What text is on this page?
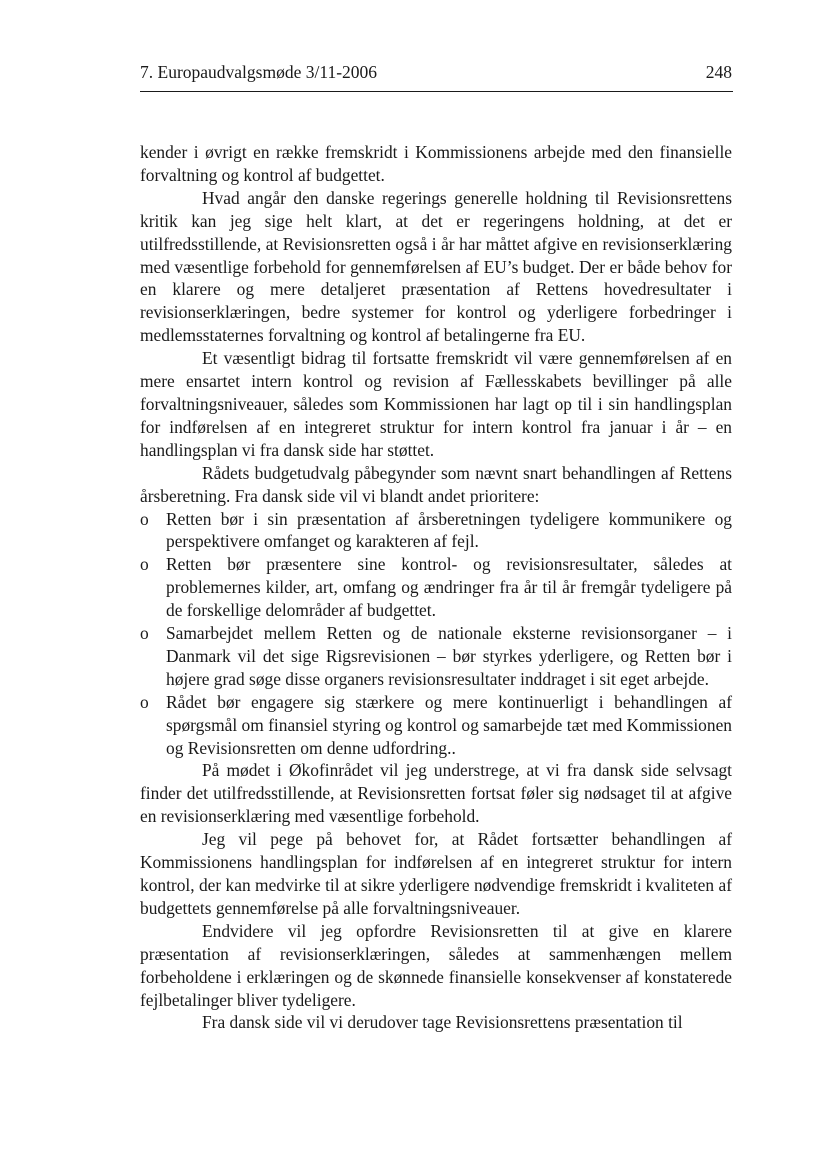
7. Europaudvalgsmøde 3/11-2006	248

kender i øvrigt en række fremskridt i Kommissionens arbejde med den finansielle forvaltning og kontrol af budgettet.

Hvad angår den danske regerings generelle holdning til Revisionsrettens kritik kan jeg sige helt klart, at det er regeringens holdning, at det er utilfredsstillende, at Revisionsretten også i år har måttet afgive en revisionserklæring med væsentlige forbehold for gennemførelsen af EU’s budget. Der er både behov for en klarere og mere detaljeret præsentation af Rettens hovedresultater i revisionserklæringen, bedre systemer for kontrol og yderligere forbedringer i medlemsstaternes forvaltning og kontrol af betalingerne fra EU.

Et væsentligt bidrag til fortsatte fremskridt vil være gennemførelsen af en mere ensartet intern kontrol og revision af Fællesskabets bevillinger på alle forvaltningsniveauer, således som Kommissionen har lagt op til i sin handlingsplan for indførelsen af en integreret struktur for intern kontrol fra januar i år – en handlingsplan vi fra dansk side har støttet.

Rådets budgetudvalg påbegynder som nævnt snart behandlingen af Rettens årsberetning. Fra dansk side vil vi blandt andet prioritere:

o Retten bør i sin præsentation af årsberetningen tydeligere kommunikere og perspektivere omfanget og karakteren af fejl.
o Retten bør præsentere sine kontrol- og revisionsresultater, således at problemernes kilder, art, omfang og ændringer fra år til år fremgår tydeligere på de forskellige delområder af budgettet.
o Samarbejdet mellem Retten og de nationale eksterne revisionsorganer – i Danmark vil det sige Rigsrevisionen – bør styrkes yderligere, og Retten bør i højere grad søge disse organers revisionsresultater inddraget i sit eget arbejde.
o Rådet bør engagere sig stærkere og mere kontinuerligt i behandlingen af spørgsmål om finansiel styring og kontrol og samarbejde tæt med Kommissionen og Revisionsretten om denne udfordring..

På mødet i Økofinrådet vil jeg understrege, at vi fra dansk side selvsagt finder det utilfredsstillende, at Revisionsretten fortsat føler sig nødsaget til at afgive en revisionserklæring med væsentlige forbehold.

Jeg vil pege på behovet for, at Rådet fortsætter behandlingen af Kommissionens handlingsplan for indførelsen af en integreret struktur for intern kontrol, der kan medvirke til at sikre yderligere nødvendige fremskridt i kvaliteten af budgettets gennemførelse på alle forvaltningsniveauer.

Endvidere vil jeg opfordre Revisionsretten til at give en klarere præsentation af revisionserklæringen, således at sammenhængen mellem forbeholdene i erklæringen og de skønnede finansielle konsekvenser af konstaterede fejlbetalinger bliver tydeligere.

Fra dansk side vil vi derudover tage Revisionsrettens præsentation til
